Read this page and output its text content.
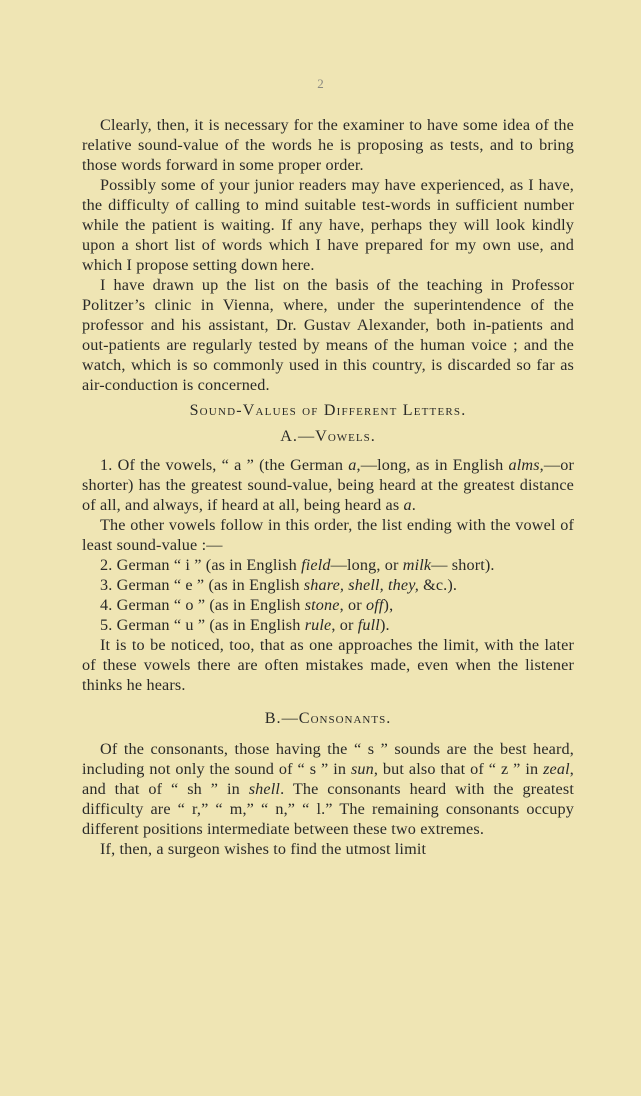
2

Clearly, then, it is necessary for the examiner to have some idea of the relative sound-value of the words he is proposing as tests, and to bring those words forward in some proper order.

Possibly some of your junior readers may have experienced, as I have, the difficulty of calling to mind suitable test-words in sufficient number while the patient is waiting. If any have, perhaps they will look kindly upon a short list of words which I have prepared for my own use, and which I propose setting down here.

I have drawn up the list on the basis of the teaching in Professor Politzer’s clinic in Vienna, where, under the superintendence of the professor and his assistant, Dr. Gustav Alexander, both in-patients and out-patients are regularly tested by means of the human voice ; and the watch, which is so commonly used in this country, is discarded so far as air-conduction is concerned.

Sound-Values of Different Letters.
A.—Vowels.

1. Of the vowels, “ a ” (the German a,—long, as in English alms,—or shorter) has the greatest sound-value, being heard at the greatest distance of all, and always, if heard at all, being heard as a.

The other vowels follow in this order, the list ending with the vowel of least sound-value :—

2. German “ i ” (as in English field—long, or milk— short).

3. German “ e ” (as in English share, shell, they, &c.).

4. German “ o ” (as in English stone, or off),

5. German “ u ” (as in English rule, or full).

It is to be noticed, too, that as one approaches the limit, with the later of these vowels there are often mistakes made, even when the listener thinks he hears.

B.—Consonants.

Of the consonants, those having the “ s ” sounds are the best heard, including not only the sound of “ s ” in sun, but also that of “ z ” in zeal, and that of “ sh ” in shell. The consonants heard with the greatest difficulty are “ r,” “ m,” “ n,” “ l.” The remaining consonants occupy different positions intermediate between these two extremes.

If, then, a surgeon wishes to find the utmost limit
